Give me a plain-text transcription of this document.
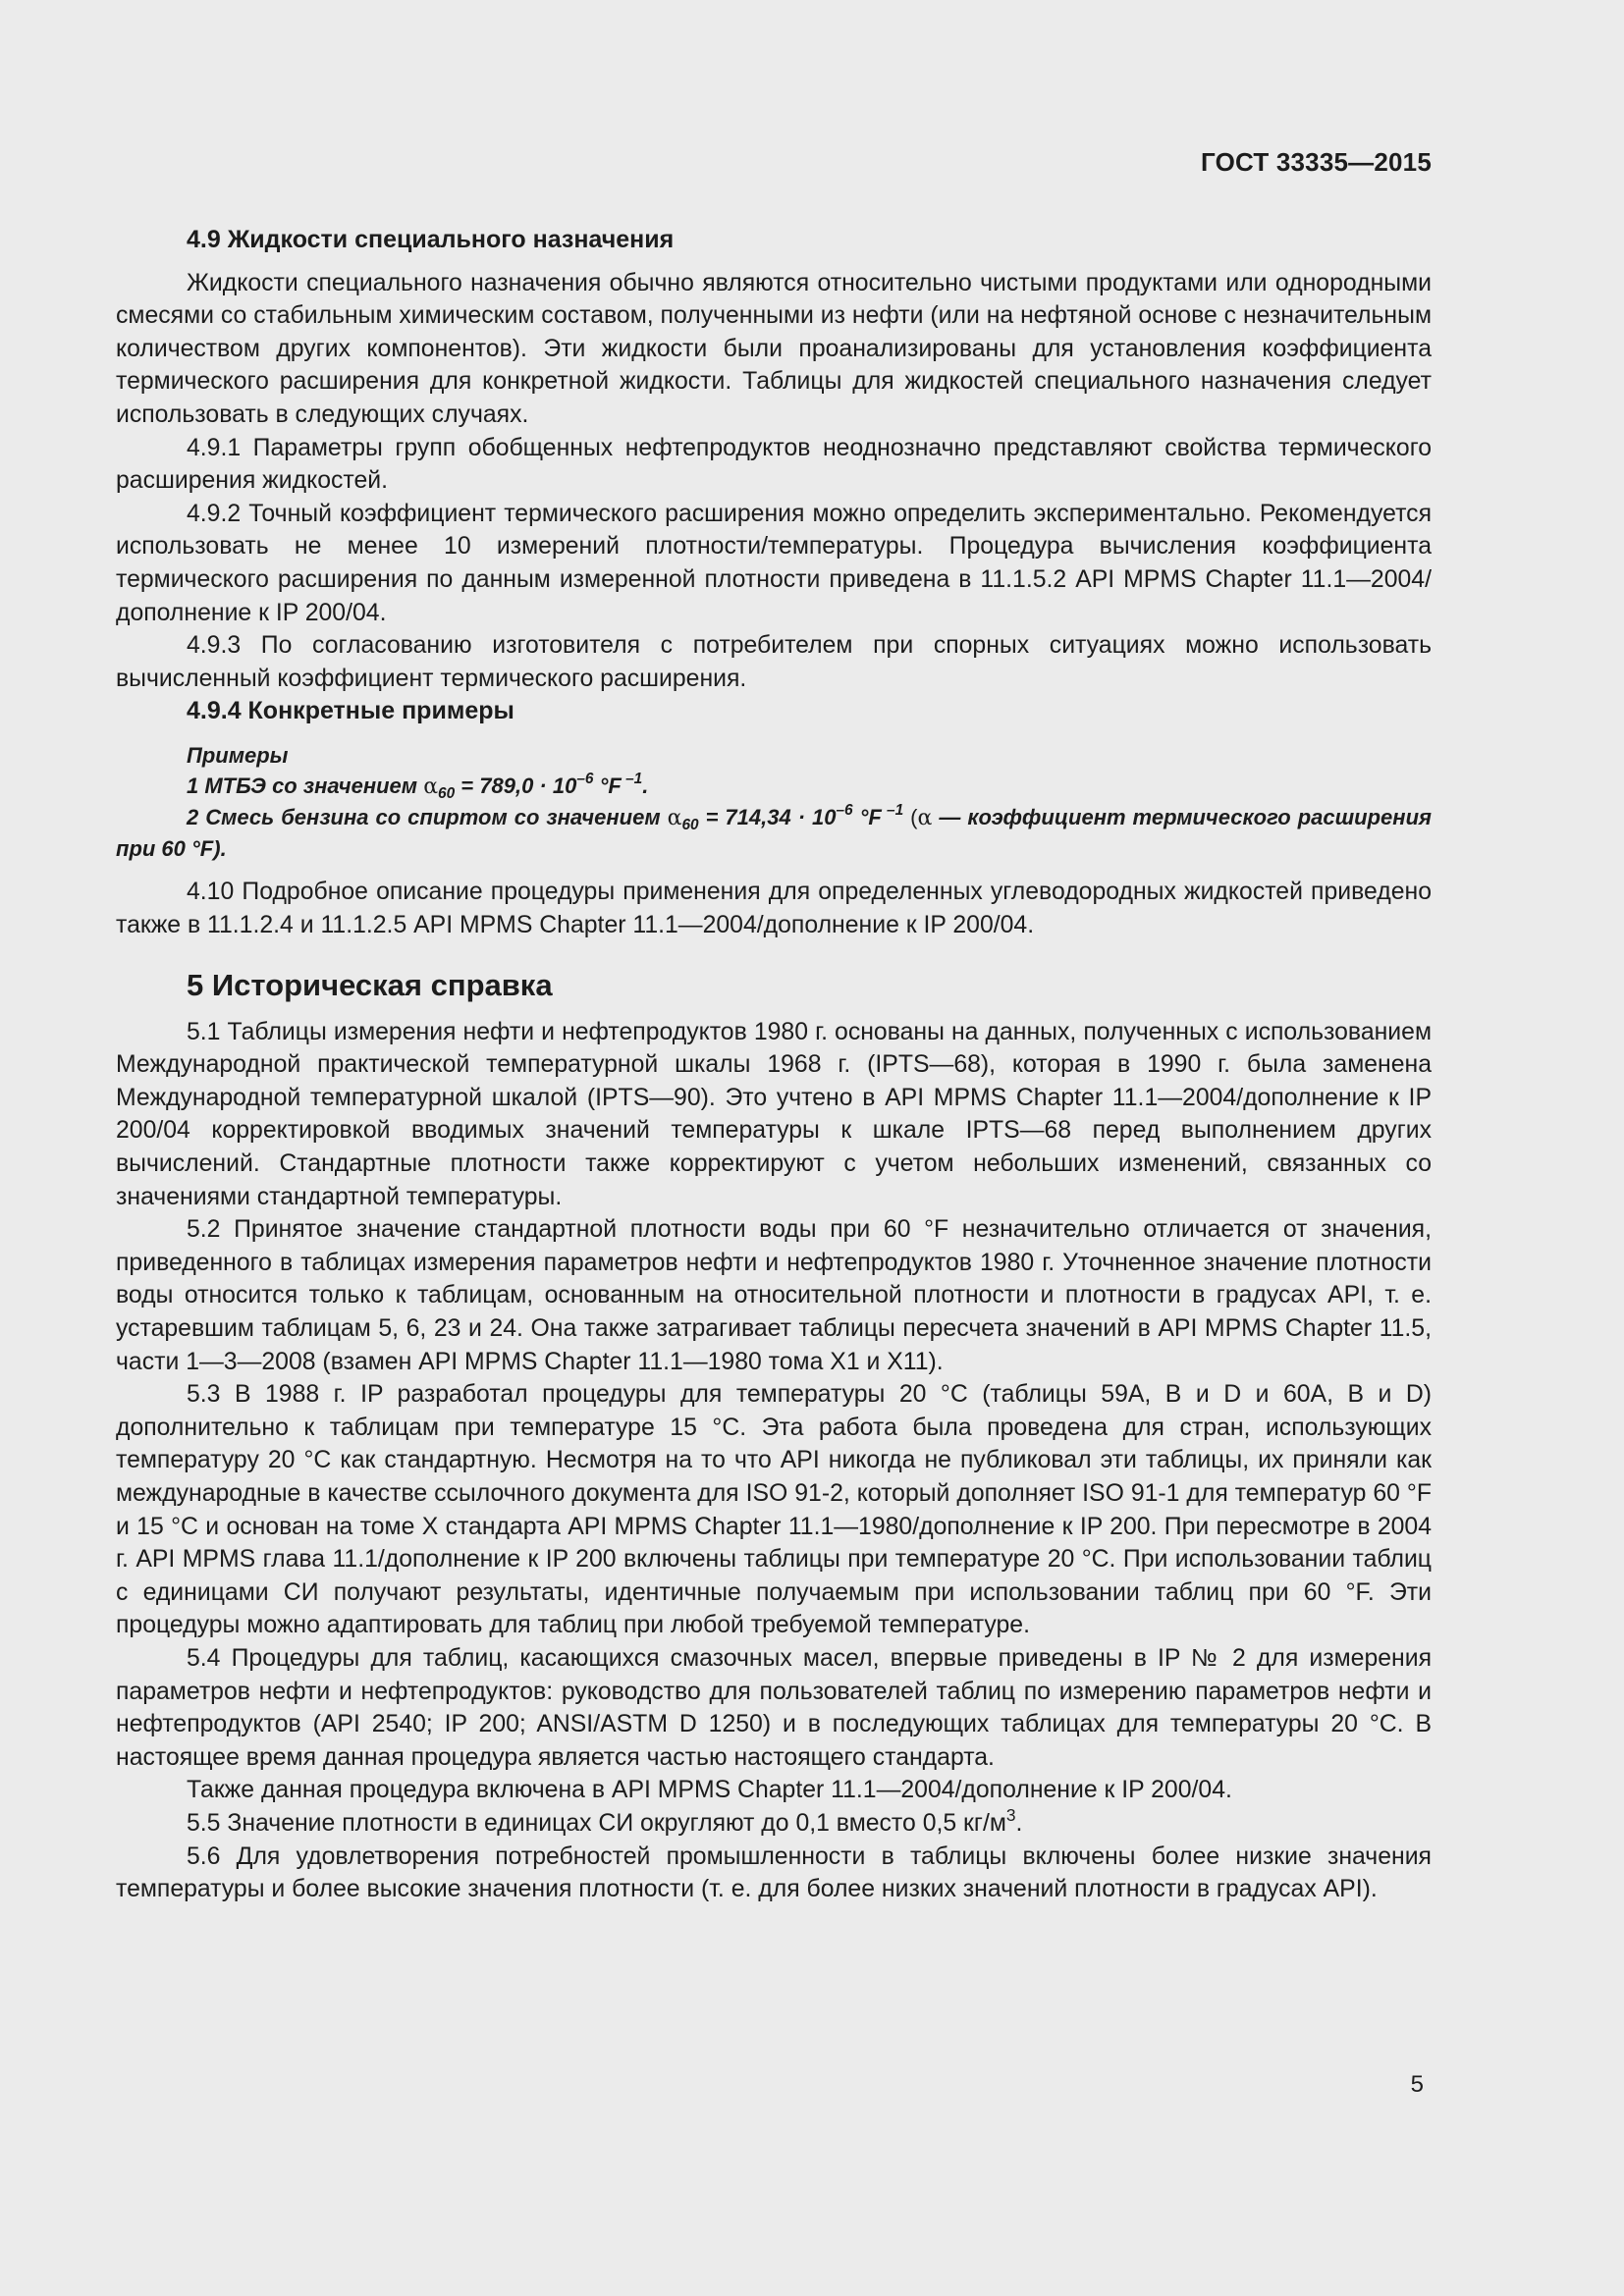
ГОСТ 33335—2015
4.9 Жидкости специального назначения

Жидкости специального назначения обычно являются относительно чистыми продуктами или однородными смесями со стабильным химическим составом, полученными из нефти (или на нефтяной основе с незначительным количеством других компонентов). Эти жидкости были проанализированы для установления коэффициента термического расширения для конкретной жидкости. Таблицы для жидкостей специального назначения следует использовать в следующих случаях.

4.9.1 Параметры групп обобщенных нефтепродуктов неоднозначно представляют свойства термического расширения жидкостей.

4.9.2 Точный коэффициент термического расширения можно определить экспериментально. Рекомендуется использовать не менее 10 измерений плотности/температуры. Процедура вычисления коэффициента термического расширения по данным измеренной плотности приведена в 11.1.5.2 API MPMS Chapter 11.1—2004/дополнение к IP 200/04.

4.9.3 По согласованию изготовителя с потребителем при спорных ситуациях можно использовать вычисленный коэффициент термического расширения.

4.9.4 Конкретные примеры
Примеры

1 МТБЭ со значением $\alpha_{60} = 789,0 \cdot 10^{-6}$ °F $^{-1}$.

2 Смесь бензина со спиртом со значением $\alpha_{60} = 714,34 \cdot 10^{-6}$ °F $^{-1}$ (α — коэффициент термического расширения при 60 °F).

4.10 Подробное описание процедуры применения для определенных углеводородных жидкостей приведено также в 11.1.2.4 и 11.1.2.5 API MPMS Chapter 11.1—2004/дополнение к IP 200/04.

5 Историческая справка

5.1 Таблицы измерения нефти и нефтепродуктов 1980 г. основаны на данных, полученных с использованием Международной практической температурной шкалы 1968 г. (IPTS—68), которая в 1990 г. была заменена Международной температурной шкалой (IPTS—90). Это учтено в API MPMS Chapter 11.1—2004/дополнение к IP 200/04 корректировкой вводимых значений температуры к шкале IPTS—68 перед выполнением других вычислений. Стандартные плотности также корректируют с учетом небольших изменений, связанных со значениями стандартной температуры.

5.2 Принятое значение стандартной плотности воды при 60 °F незначительно отличается от значения, приведенного в таблицах измерения параметров нефти и нефтепродуктов 1980 г. Уточненное значение плотности воды относится только к таблицам, основанным на относительной плотности и плотности в градусах API, т. е. устаревшим таблицам 5, 6, 23 и 24. Она также затрагивает таблицы пересчета значений в API MPMS Chapter 11.5, части 1—3—2008 (взамен API MPMS Chapter 11.1—1980 тома X1 и X11).

5.3 В 1988 г. IP разработал процедуры для температуры 20 °C (таблицы 59А, В и D и 60А, В и D) дополнительно к таблицам при температуре 15 °C. Эта работа была проведена для стран, использующих температуру 20 °C как стандартную. Несмотря на то что API никогда не публиковал эти таблицы, их приняли как международные в качестве ссылочного документа для ISO 91-2, который дополняет ISO 91-1 для температур 60 °F и 15 °C и основан на томе X стандарта API MPMS Chapter 11.1—1980/дополнение к IP 200. При пересмотре в 2004 г. API MPMS глава 11.1/дополнение к IP 200 включены таблицы при температуре 20 °C. При использовании таблиц с единицами СИ получают результаты, идентичные получаемым при использовании таблиц при 60 °F. Эти процедуры можно адаптировать для таблиц при любой требуемой температуре.

5.4 Процедуры для таблиц, касающихся смазочных масел, впервые приведены в IP № 2 для измерения параметров нефти и нефтепродуктов: руководство для пользователей таблиц по измерению параметров нефти и нефтепродуктов (API 2540; IP 200; ANSI/ASTM D 1250) и в последующих таблицах для температуры 20 °C. В настоящее время данная процедура является частью настоящего стандарта.

Также данная процедура включена в API MPMS Chapter 11.1—2004/дополнение к IP 200/04.

5.5 Значение плотности в единицах СИ округляют до 0,1 вместо 0,5 $кг/м^3$.

5.6 Для удовлетворения потребностей промышленности в таблицы включены более низкие значения температуры и более высокие значения плотности (т. е. для более низких значений плотности в градусах API).

5
